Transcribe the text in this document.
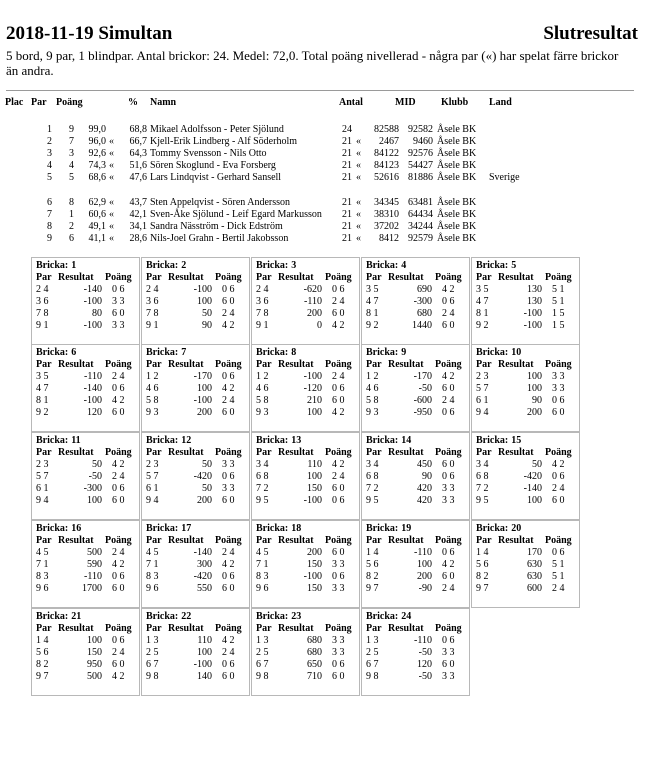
2018-11-19 Simultan	Slutresultat
5 bord, 9 par, 1 blindpar. Antal brickor: 24. Medel: 72,0. Total poäng nivellerad - några par («) har spelat färre brickor än andra.
Plac Par Poäng	% Namn	Antal	MID	Klubb Land
1	9	99,0	68,8 Mikael Adolfsson - Peter Sjölund	24	82588 92582 Åsele BK
2	7	96,0 «	66,7 Kjell-Erik Lindberg - Alf Söderholm	21 «	2467	9460 Åsele BK
3	3	92,6 «	64,3 Tommy Svensson - Nils Otto	21 «	84122 92576 Åsele BK
4	4	74,3 «	51,6 Sören Skoglund - Eva Forsberg	21 «	84123 54427 Åsele BK
5	5	68,6 «	47,6 Lars Lindqvist - Gerhard Sansell	21 «	52616 81886 Åsele BK	Sverige
6	8	62,9 «	43,7 Sten Appelqvist - Sören Andersson	21 «	34345 63481 Åsele BK
7	1	60,6 «	42,1 Sven-Åke Sjölund - Leif Egard Markusson	21 «	38310 64434 Åsele BK
8	2	49,1 «	34,1 Sandra Näsström - Dick Edström	21 «	37202 34244 Åsele BK
9	6	41,1 «	28,6 Nils-Joel Grahn - Bertil Jakobsson	21 «	8412 92579 Åsele BK
Bricka: 1
Par Resultat Poäng
2 4	-140 0 6
3 6	-100 3 3
7 8	80 6 0
9 1	-100 3 3
Bricka: 2
Par Resultat Poäng
2 4	-100 0 6
3 6	100 6 0
7 8	50 2 4
9 1	90 4 2
Bricka: 3
Par Resultat Poäng
2 4	-620 0 6
3 6	-110 2 4
7 8	200 6 0
9 1	0 4 2
Bricka: 4
Par Resultat Poäng
3 5	690 4 2
4 7	-300 0 6
8 1	680 2 4
9 2	1440 6 0
Bricka: 5
Par Resultat Poäng
3 5	130 5 1
4 7	130 5 1
8 1	-100 1 5
9 2	-100 1 5
Bricka: 6
Par Resultat Poäng
3 5	-110 2 4
4 7	-140 0 6
8 1	-100 4 2
9 2	120 6 0
Bricka: 7
Par Resultat Poäng
1 2	-170 0 6
4 6	100 4 2
5 8	-100 2 4
9 3	200 6 0
Bricka: 8
Par Resultat Poäng
1 2	-100 2 4
4 6	-120 0 6
5 8	210 6 0
9 3	100 4 2
Bricka: 9
Par Resultat Poäng
1 2	-170 4 2
4 6	-50 6 0
5 8	-600 2 4
9 3	-950 0 6
Bricka: 10
Par Resultat Poäng
2 3	100 3 3
5 7	100 3 3
6 1	90 0 6
9 4	200 6 0
Bricka: 11
Par Resultat Poäng
2 3	50 4 2
5 7	-50 2 4
6 1	-300 0 6
9 4	100 6 0
Bricka: 12
Par Resultat Poäng
2 3	50 3 3
5 7	-420 0 6
6 1	50 3 3
9 4	200 6 0
Bricka: 13
Par Resultat Poäng
3 4	110 4 2
6 8	100 2 4
7 2	150 6 0
9 5	-100 0 6
Bricka: 14
Par Resultat Poäng
3 4	450 6 0
6 8	90 0 6
7 2	420 3 3
9 5	420 3 3
Bricka: 15
Par Resultat Poäng
3 4	50 4 2
6 8	-420 0 6
7 2	-140 2 4
9 5	100 6 0
Bricka: 16
Par Resultat Poäng
4 5	500 2 4
7 1	590 4 2
8 3	-110 0 6
9 6	1700 6 0
Bricka: 17
Par Resultat Poäng
4 5	-140 2 4
7 1	300 4 2
8 3	-420 0 6
9 6	550 6 0
Bricka: 18
Par Resultat Poäng
4 5	200 6 0
7 1	150 3 3
8 3	-100 0 6
9 6	150 3 3
Bricka: 19
Par Resultat Poäng
1 4	-110 0 6
5 6	100 4 2
8 2	200 6 0
9 7	-90 2 4
Bricka: 20
Par Resultat Poäng
1 4	170 0 6
5 6	630 5 1
8 2	630 5 1
9 7	600 2 4
Bricka: 21
Par Resultat Poäng
1 4	100 0 6
5 6	150 2 4
8 2	950 6 0
9 7	500 4 2
Bricka: 22
Par Resultat Poäng
1 3	110 4 2
2 5	100 2 4
6 7	-100 0 6
9 8	140 6 0
Bricka: 23
Par Resultat Poäng
1 3	680 3 3
2 5	680 3 3
6 7	650 0 6
9 8	710 6 0
Bricka: 24
Par Resultat Poäng
1 3	-110 0 6
2 5	-50 3 3
6 7	120 6 0
9 8	-50 3 3
